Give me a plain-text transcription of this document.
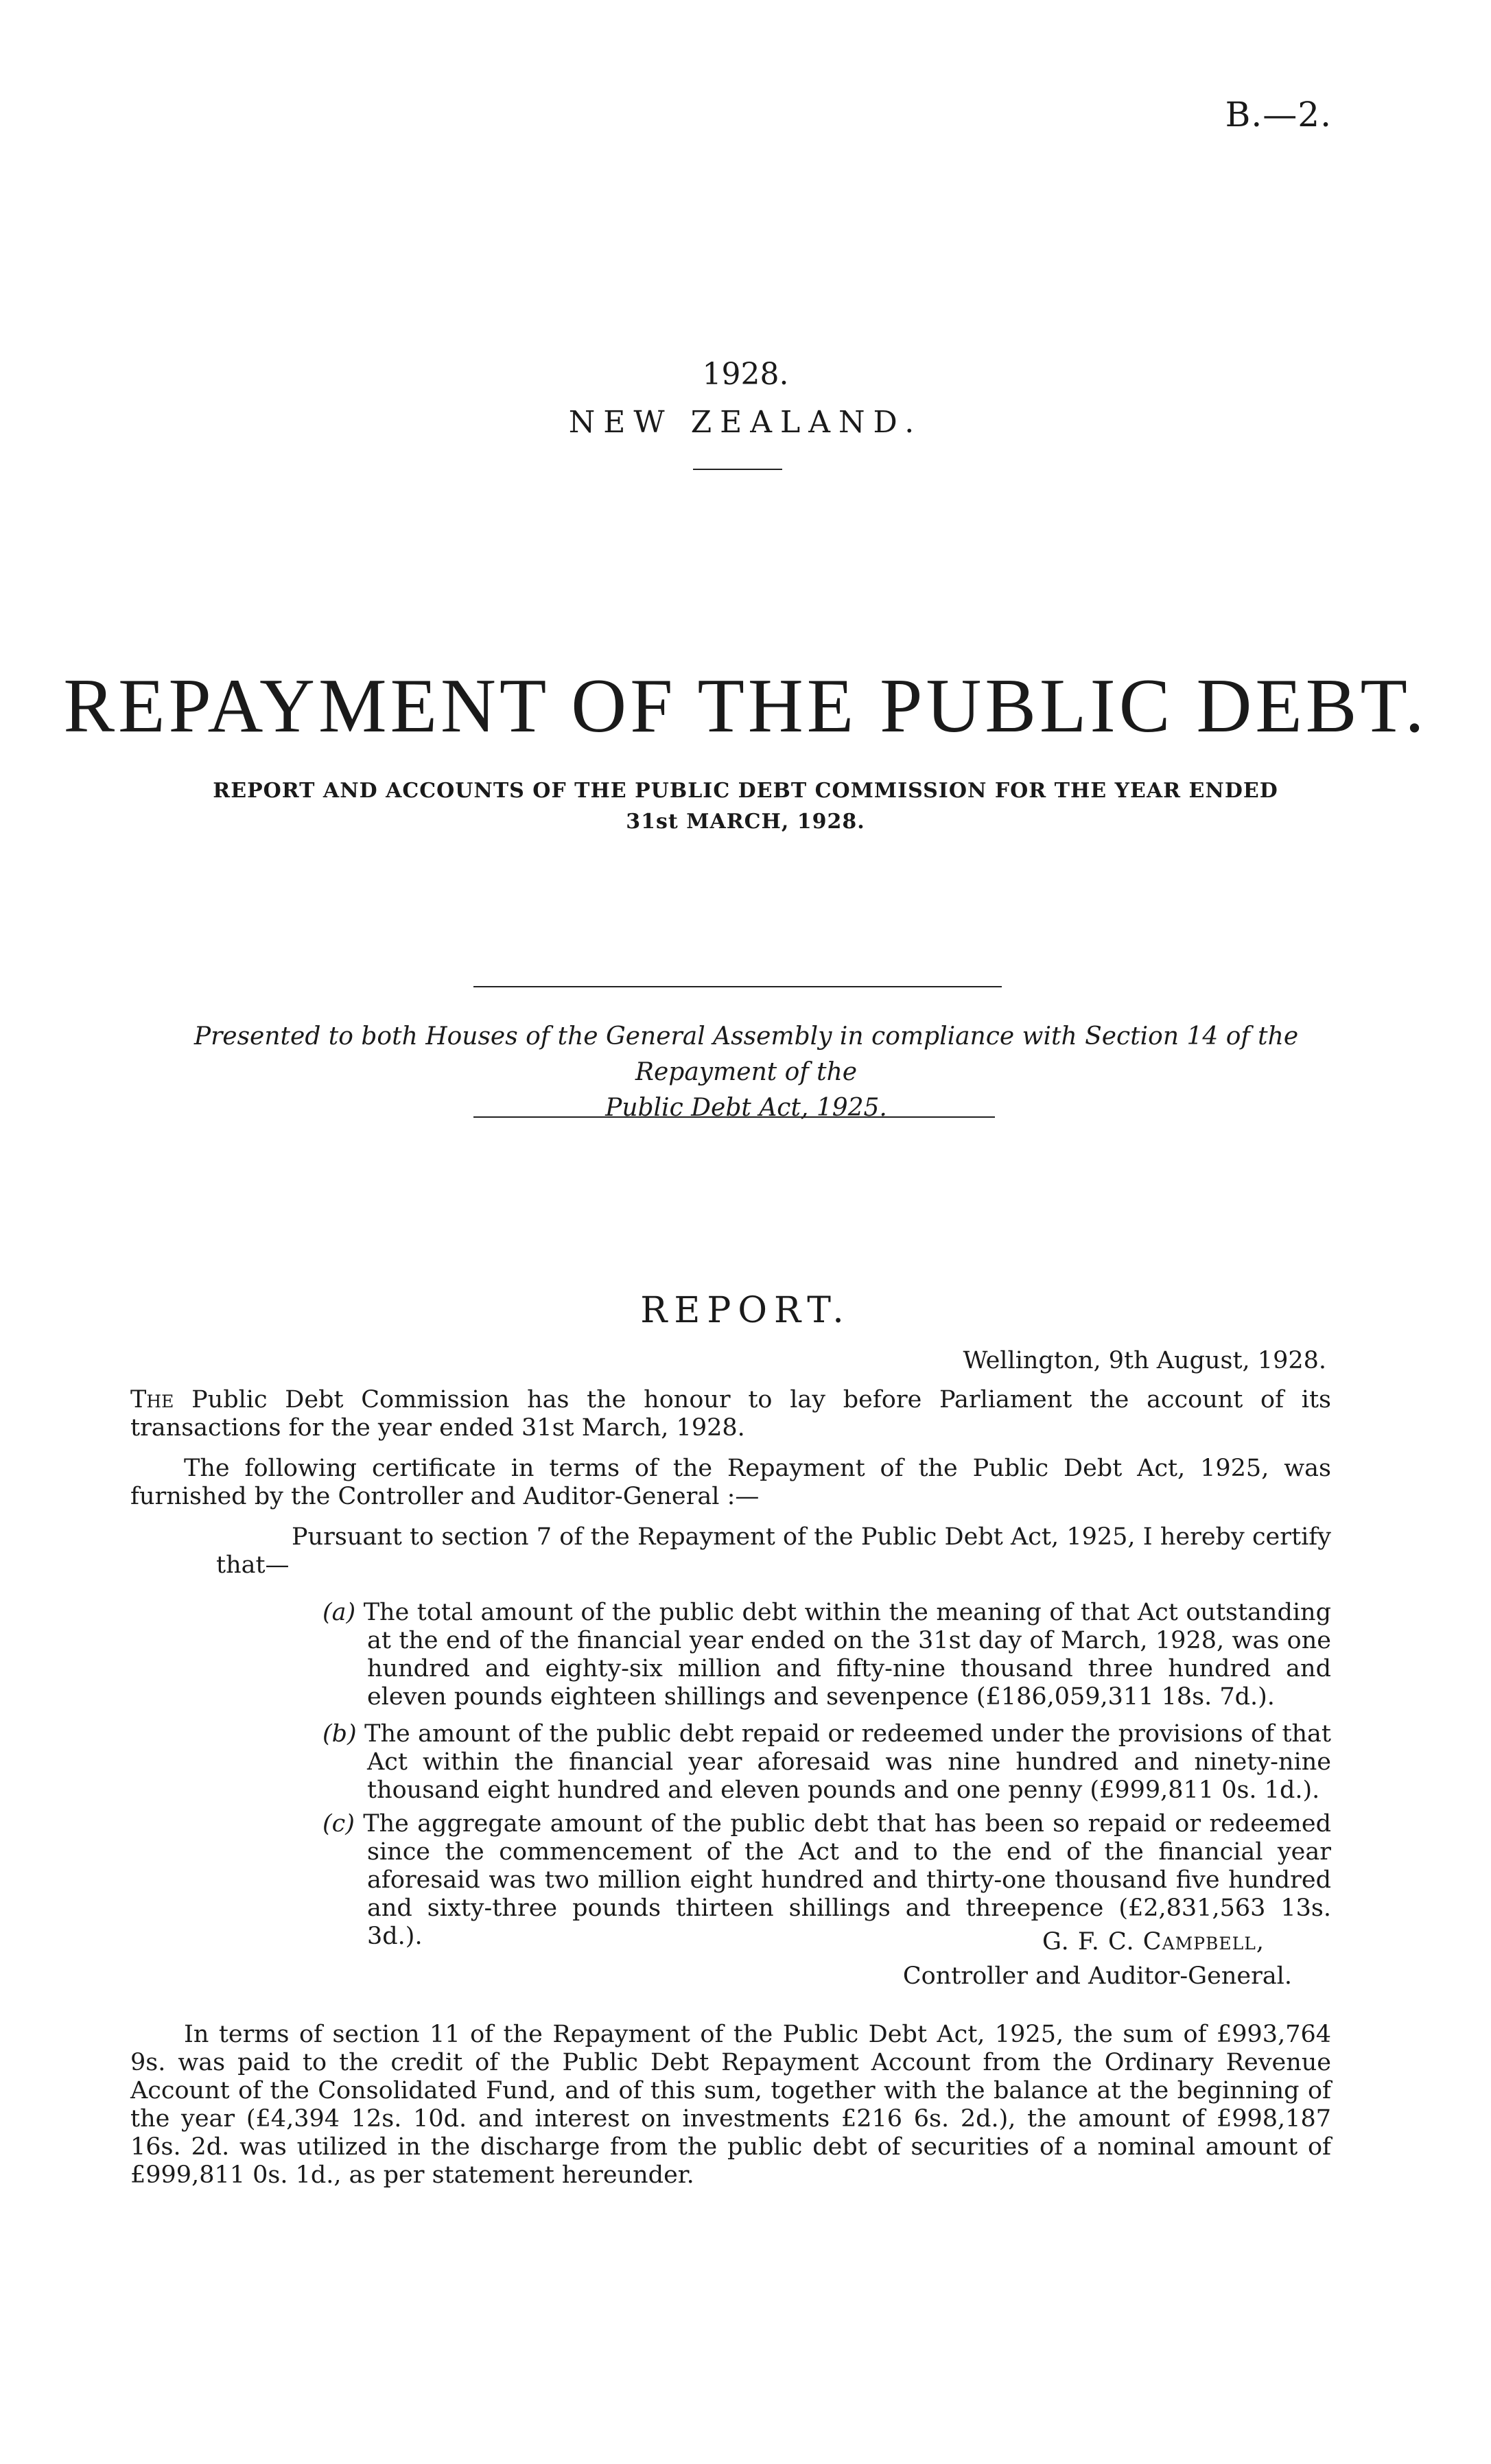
B.—2.
1928.
NEW ZEALAND.
REPAYMENT OF THE PUBLIC DEBT.
REPORT AND ACCOUNTS OF THE PUBLIC DEBT COMMISSION FOR THE YEAR ENDED
31st MARCH, 1928.
Presented to both Houses of the General Assembly in compliance with Section 14 of the Repayment of the
Public Debt Act, 1925.
REPORT.
Wellington, 9th August, 1928.
The Public Debt Commission has the honour to lay before Parliament the account of its transactions for the year ended 31st March, 1928.
The following certificate in terms of the Repayment of the Public Debt Act, 1925, was furnished by the Controller and Auditor-General :—
Pursuant to section 7 of the Repayment of the Public Debt Act, 1925, I hereby certify that—
(a) The total amount of the public debt within the meaning of that Act outstanding at the end of the financial year ended on the 31st day of March, 1928, was one hundred and eighty-six million and fifty-nine thousand three hundred and eleven pounds eighteen shillings and sevenpence (£186,059,311 18s. 7d.).
(b) The amount of the public debt repaid or redeemed under the provisions of that Act within the financial year aforesaid was nine hundred and ninety-nine thousand eight hundred and eleven pounds and one penny (£999,811 0s. 1d.).
(c) The aggregate amount of the public debt that has been so repaid or redeemed since the commencement of the Act and to the end of the financial year aforesaid was two million eight hundred and thirty-one thousand five hundred and sixty-three pounds thirteen shillings and threepence (£2,831,563 13s. 3d.).	G. F. C. Campbell,
Controller and Auditor-General.
In terms of section 11 of the Repayment of the Public Debt Act, 1925, the sum of £993,764 9s. was paid to the credit of the Public Debt Repayment Account from the Ordinary Revenue Account of the Consolidated Fund, and of this sum, together with the balance at the beginning of the year (£4,394 12s. 10d. and interest on investments £216 6s. 2d.), the amount of £998,187 16s. 2d. was utilized in the discharge from the public debt of securities of a nominal amount of £999,811 0s. 1d., as per statement hereunder.
